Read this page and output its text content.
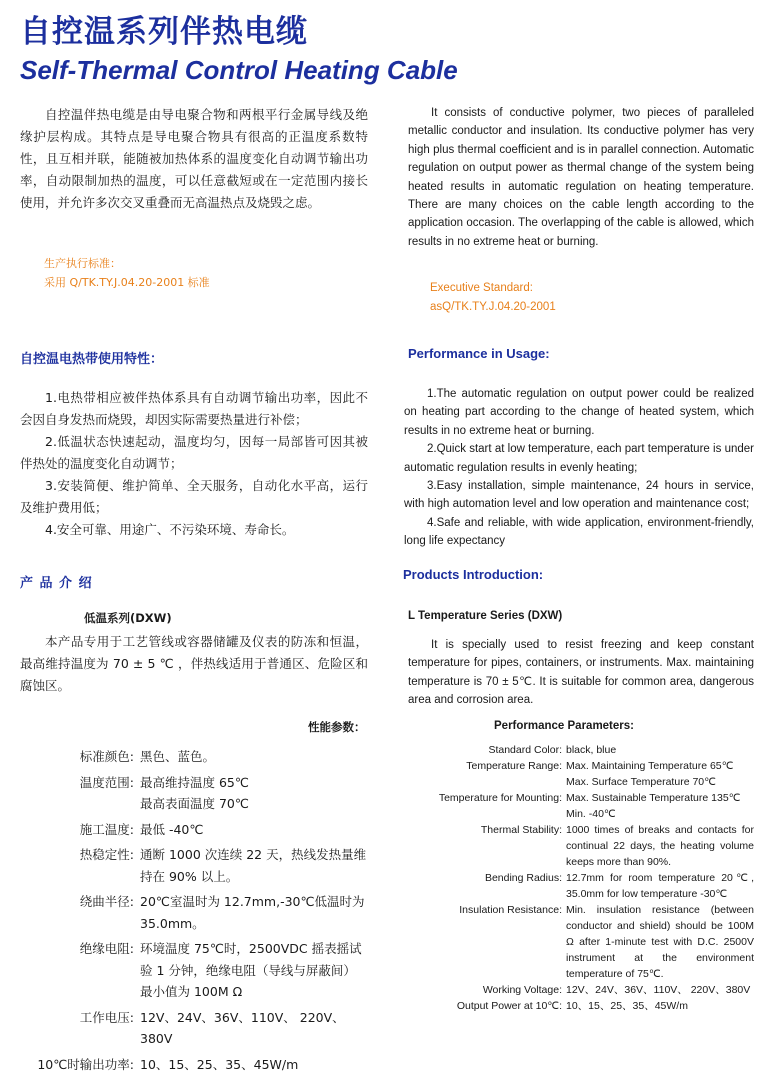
自控温系列伴热电缆
Self-Thermal Control Heating Cable

自控温伴热电缆是由导电聚合物和两根平行金属导线及绝缘护层构成。其特点是导电聚合物具有很高的正温度系数特性，且互相并联，能随被加热体系的温度变化自动调节输出功率，自动限制加热的温度，可以任意截短或在一定范围内接长使用，并允许多次交叉重叠而无高温热点及烧毁之虑。

It consists of conductive polymer, two pieces of paralleled metallic conductor and insulation. Its conductive polymer has very high plus thermal coefficient and is in parallel connection. Automatic regulation on output power as thermal change of the system being heated results in automatic regulation on heating temperature. There are many choices on the cable length according to the application occasion. The overlapping of the cable is allowed, which results in no extreme heat or burning.

生产执行标准：
采用 Q/TK.TY.J.04.20-2001 标准	Executive Standard:
asQ/TK.TY.J.04.20-2001
自控温电热带使用特性：	Performance in Usage:

1.电热带相应被伴热体系具有自动调节输出功率，因此不会因自身发热而烧毁，却因实际需要热量进行补偿；

2.低温状态快速起动，温度均匀，因每一局部皆可因其被伴热处的温度变化自动调节；

3.安装简便、维护简单、全天服务，自动化水平高，运行及维护费用低；

4.安全可靠、用途广、不污染环境、寿命长。

1.The automatic regulation on output power could be realized on heating part according to the change of heated system, which results in no extreme heat or burning.

2.Quick start at low temperature, each part temperature is under automatic regulation results in evenly heating;

3.Easy installation, simple maintenance, 24 hours in service, with high automation level and low operation and maintenance cost;

4.Safe and reliable, with wide application, environment-friendly, long life expectancy

产 品 介 绍
Products Introduction:
低温系列(DXW)	L Temperature Series (DXW)

本产品专用于工艺管线或容器储罐及仪表的防冻和恒温，最高维持温度为 70 ± 5 ℃ ，伴热线适用于普通区、危险区和腐蚀区。

It is specially used to resist freezing and keep constant temperature for pipes, containers, or instruments. Max. maintaining temperature is 70 ± 5℃. It is suitable for common area, dangerous area and corrosion area.

性能参数：	Performance Parameters:
标准颜色:	黑色、蓝色。

温度范围:	最高维持温度 65℃
最高表面温度 70℃

施工温度:	最低 -40℃

热稳定性:	通断 1000 次连续 22 天，热线发热量维持在 90% 以上。

绕曲半径:	20℃室温时为 12.7mm,-30℃低温时为 35.0mm。

绝缘电阻:	环境温度 75℃时，2500VDC 摇表摇试验 1 分钟，绝缘电阻（导线与屏蔽间）最小值为 100M Ω

工作电压:	12V、24V、36V、110V、 220V、380V

10℃时输出功率:	10、15、25、35、45W/m
Standard Color:	black, blue

Temperature Range:	Max. Maintaining Temperature 65℃
Max. Surface Temperature 70℃

Temperature for Mounting:	Max. Sustainable Temperature 135℃
Min. -40℃

Thermal Stability:	1000 times of breaks and contacts for continual 22 days, the heating volume keeps more than 90%.

Bending Radius:	12.7mm for room temperature 20℃, 35.0mm for low temperature -30℃

Insulation Resistance:	Min. insulation resistance (between conductor and shield) should be 100M Ω after 1-minute test with D.C. 2500V instrument at the environment temperature of 75℃.

Working Voltage:	12V、24V、36V、110V、 220V、380V

Output Power at 10℃:	10、15、25、35、45W/m
